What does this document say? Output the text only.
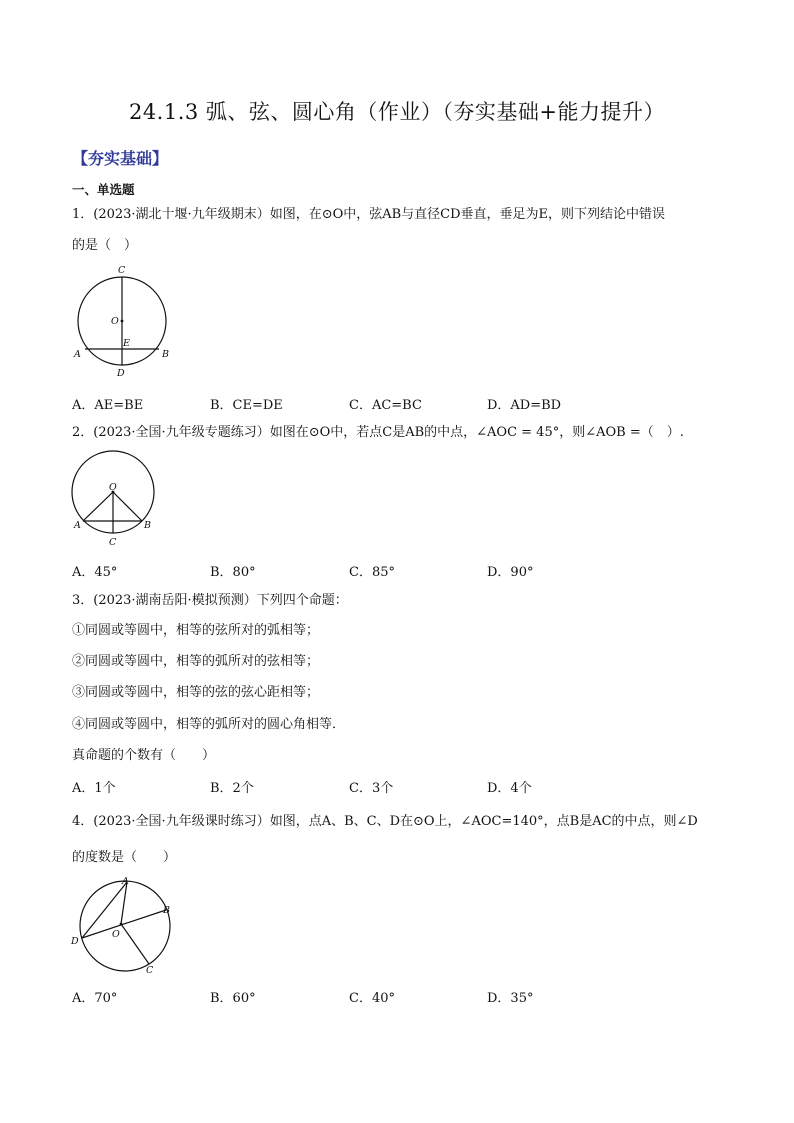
24.1.3 弧、弦、圆心角（作业）（夯实基础+能力提升）
【夯实基础】
一、单选题
1．(2023·湖北十堰·九年级期末）如图，在⊙O中，弦AB与直径CD垂直，垂足为E，则下列结论中错误
的是（　）
C
O
E
A	B
D
A．AE=BE	B．CE=DE	C．AC=BC	D．AD=BD
2．(2023·全国·九年级专题练习）如图在⊙O中，若点C是AB的中点，∠AOC = 45°，则∠AOB =（　）.
O
A	B
C
A．45°	B．80°	C．85°	D．90°
3．(2023·湖南岳阳·模拟预测）下列四个命题：
①同圆或等圆中，相等的弦所对的弧相等；
②同圆或等圆中，相等的弧所对的弦相等；
③同圆或等圆中，相等的弦的弦心距相等；
④同圆或等圆中，相等的弧所对的圆心角相等．
真命题的个数有（　　）
A．1个	B．2个	C．3个	D．4个
4．(2023·全国·九年级课时练习）如图，点A、B、C、D在⊙O上，∠AOC=140°，点B是AC的中点，则∠D
的度数是（　　）
A
B
O
D
C
A．70°	B．60°	C．40°	D．35°
